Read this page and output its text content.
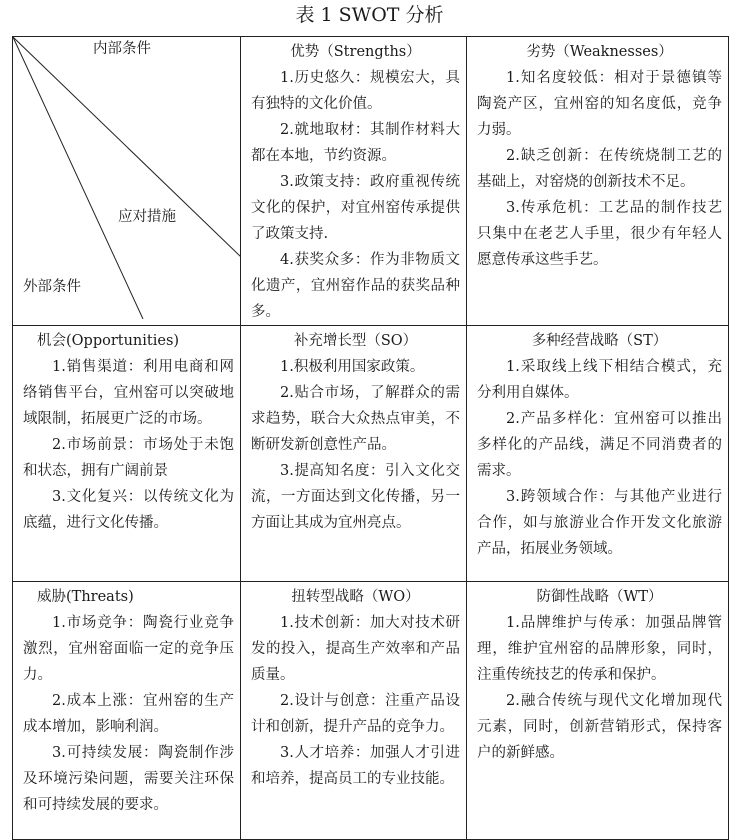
表 1 SWOT 分析
内部条件
应对措施
外部条件	优势（Strengths）
1.历史悠久：规模宏大，具有独特的文化价值。
2.就地取材：其制作材料大都在本地，节约资源。
3.政策支持：政府重视传统文化的保护，对宜州窑传承提供了政策支持.
4.获奖众多：作为非物质文化遗产，宜州窑作品的获奖品种多。	劣势（Weaknesses）
1.知名度较低：相对于景德镇等陶瓷产区，宜州窑的知名度低，竞争力弱。
2.缺乏创新：在传统烧制工艺的基础上，对窑烧的创新技术不足。
3.传承危机：工艺品的制作技艺只集中在老艺人手里，很少有年轻人愿意传承这些手艺。

机会(Opportunities)
1.销售渠道：利用电商和网络销售平台，宜州窑可以突破地域限制，拓展更广泛的市场。
2.市场前景：市场处于未饱和状态，拥有广阔前景
3.文化复兴：以传统文化为底蕴，进行文化传播。	补充增长型（SO）
1.积极利用国家政策。
2.贴合市场，了解群众的需求趋势，联合大众热点审美，不断研发新创意性产品。
3.提高知名度：引入文化交流，一方面达到文化传播，另一方面让其成为宜州亮点。	多种经营战略（ST）
1.采取线上线下相结合模式，充分利用自媒体。
2.产品多样化：宜州窑可以推出多样化的产品线，满足不同消费者的需求。
3.跨领域合作：与其他产业进行合作，如与旅游业合作开发文化旅游产品，拓展业务领域。

威胁(Threats)
1.市场竞争：陶瓷行业竞争激烈，宜州窑面临一定的竞争压力。
2.成本上涨：宜州窑的生产成本增加，影响利润。
3.可持续发展：陶瓷制作涉及环境污染问题，需要关注环保和可持续发展的要求。	扭转型战略（WO）
1.技术创新：加大对技术研发的投入，提高生产效率和产品质量。
2.设计与创意：注重产品设计和创新，提升产品的竞争力。
3.人才培养：加强人才引进和培养，提高员工的专业技能。	防御性战略（WT）
1.品牌维护与传承：加强品牌管理，维护宜州窑的品牌形象，同时，注重传统技艺的传承和保护。
2.融合传统与现代文化增加现代元素，同时，创新营销形式，保持客户的新鲜感。
